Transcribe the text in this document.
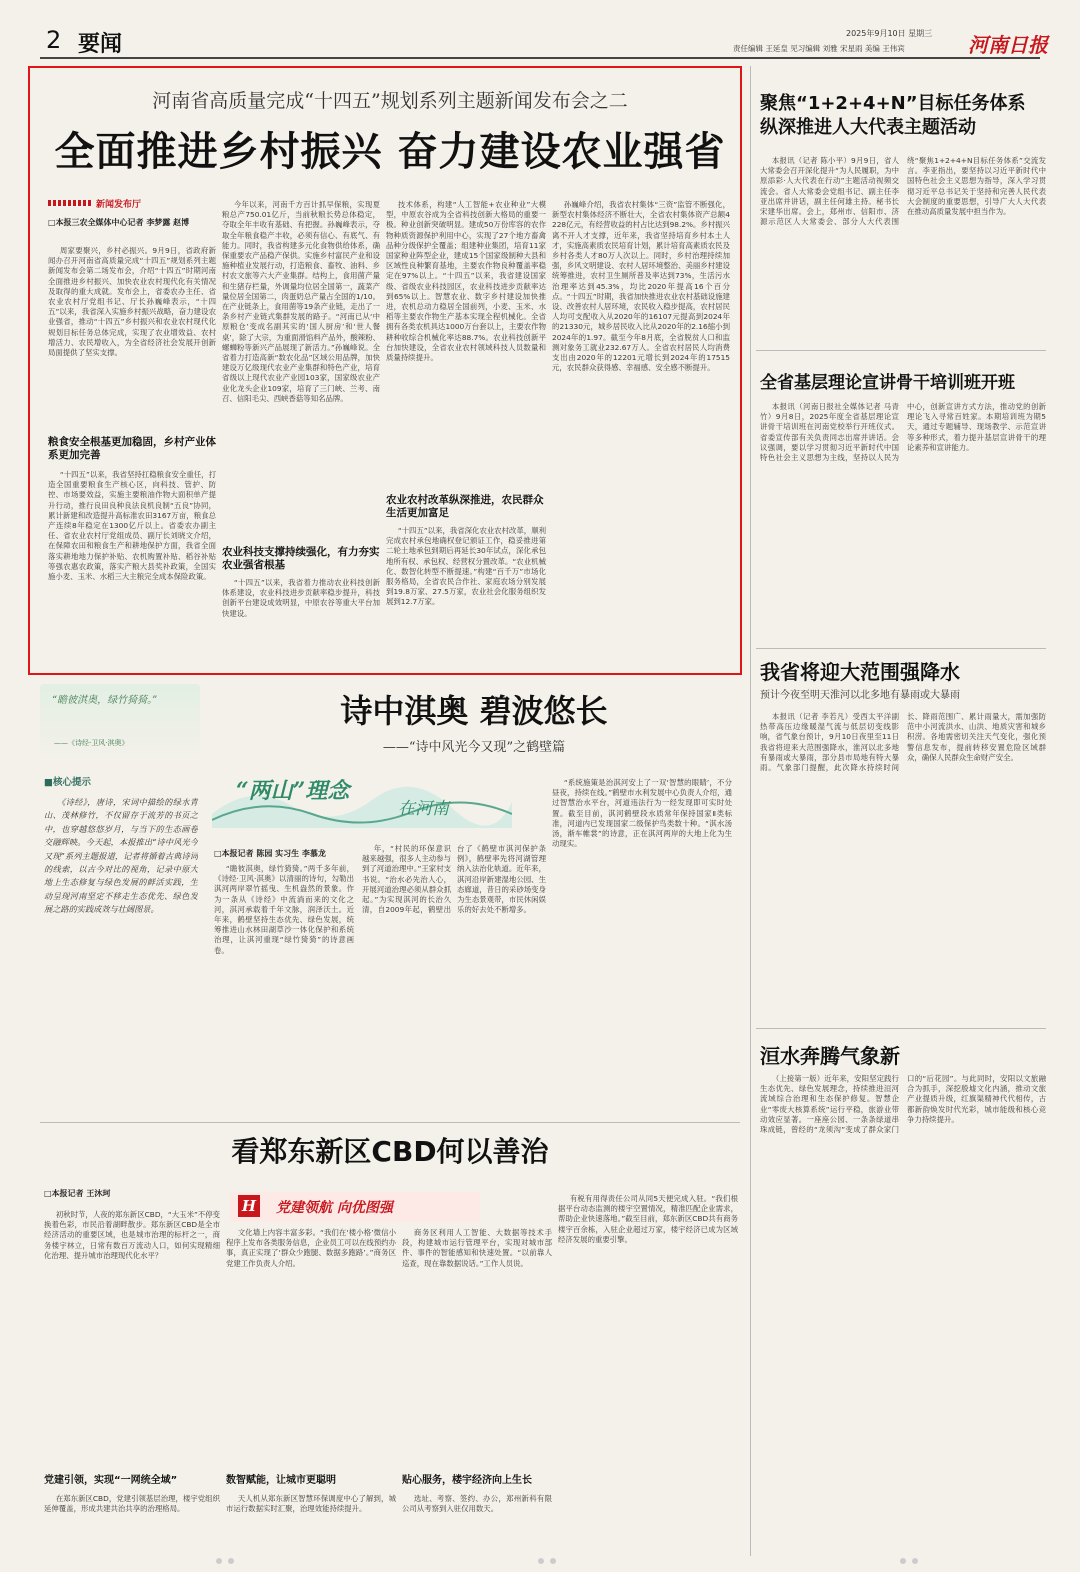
2 要闻	2025年9月10日 星期三
责任编辑 王延皇 见习编辑 刘雅 宋星雨 美编 王伟宾	河南日报
河南省高质量完成“十四五”规划系列主题新闻发布会之二
全面推进乡村振兴 奋力建设农业强省
新闻发布厅
□本报三农全媒体中心记者 李梦露 赵博

周家要聚兴，乡村必振兴。9月9日，省政府新闻办召开河南省高质量完成“十四五”规划系列主题新闻发布会第二场发布会，介绍“十四五”时期河南全面推进乡村振兴、加快农业农村现代化有关情况及取得的重大成就。发布会上，省委农办主任、省农业农村厅党组书记、厅长孙巍峰表示，“十四五”以来，我省深入实施乡村振兴战略，奋力建设农业强省，推动“十四五”乡村振兴和农业农村现代化规划目标任务总体完成，实现了农业增效益、农村增活力、农民增收入，为全省经济社会发展开创新局面提供了坚实支撑。

粮食安全根基更加稳固，乡村产业体系更加完善

“十四五”以来，我省坚持扛稳粮食安全重任，打造全国重要粮食生产核心区，向科技、管护、防控、市场要效益，实施主要粮油作物大面积单产提升行动，推行良田良种良法良机良制“五良”协同，累计新建和改造提升高标准农田3167万亩，粮食总产连续8年稳定在1300亿斤以上。省委农办副主任、省农业农村厅党组成员、副厅长刘晓文介绍，在保障农田和粮食生产和耕地保护方面，我省全面落实耕地地力保护补贴、农机购置补贴、稻谷补贴等强农惠农政策，落实产粮大县奖补政策，全国实施小麦、玉米、水稻三大主粮完全成本保险政策。

今年以来，河南千方百计抓早保粮，实现夏粮总产750.01亿斤，当前秋粮长势总体稳定，夺取全年丰收有基础、有把握。孙巍峰表示，夺取全年粮食稳产丰收，必须有信心、有底气、有能力。同时，我省构建多元化食物供给体系，确保重要农产品稳产保供。实施乡村富民产业和设施种植业发展行动，打造粮食、畜牧、油料、乡村农文旅等六大产业集群。结构上，食用菌产量和生猪存栏量，外调量均位居全国第一，蔬菜产量位居全国第二，肉蛋奶总产量占全国的1/10。在产业链条上，食用菌等19条产业链，走出了一条乡村产业链式集群发展的路子。“河南已从‘中原粮仓’变成名副其实的‘国人厨房’和‘世人餐桌’，除了大宗，为重面滑馅料产品外，酸辣粉、螺蛳粉等新兴产品展现了新活力。”孙巍峰说。全省着力打造高新“数农化品”区域公用品牌，加快建设万亿级现代农业产业集群和特色产业，培育省级以上现代农业产业园103家，国家级农业产业化龙头企业109家，培育了三门峡、兰考、南召、信阳毛尖、西峡香菇等知名品牌。

农业科技支撑持续强化，有力夯实农业强省根基

“十四五”以来，我省着力推动农业科技创新体系建设，农业科技进步贡献率稳步提升，科技创新平台建设成效明显，中原农谷等重大平台加快建设。

技术体系，构建“人工智能+农业种业”大模型，中原农谷成为全省科技创新大格局的重要一极。种业创新突破明显。建成50万份库容的农作物种质资源保护利用中心，实现了27个地方畜禽品种分级保护全覆盖；组建种业集团，培育11家国家种业阵型企业，建成15个国家级制种大县和区域性良种繁育基地，主要农作物良种覆盖率稳定在97%以上。“十四五”以来，我省建设国家级、省级农业科技园区，农业科技进步贡献率达到65%以上。智慧农业、数字乡村建设加快推进，农机总动力稳居全国前列，小麦、玉米、水稻等主要农作物生产基本实现全程机械化。全省拥有各类农机具达1000万台套以上，主要农作物耕种收综合机械化率达88.7%。农业科技创新平台加快建设，全省农业农村领域科技人员数量和质量持续提升。

农业农村改革纵深推进，农民群众生活更加富足

“十四五”以来，我省深化农业农村改革，顺利完成农村承包地确权登记颁证工作，稳妥推进第二轮土地承包到期后再延长30年试点，深化承包地所有权、承包权、经营权分置改革。“农业机械化、数智化转型不断提速。”构建“百千万”市场化服务格局，全省农民合作社、家庭农场分别发展到19.8万家、27.5万家，农业社会化服务组织发展到12.7万家。

孙巍峰介绍，我省农村集体“三资”监管不断强化，新型农村集体经济不断壮大，全省农村集体资产总额4228亿元，有经营收益的村占比达到98.2%。乡村振兴离不开人才支撑，近年来，我省坚持培育乡村本土人才，实施高素质农民培育计划，累计培育高素质农民及乡村各类人才80万人次以上。同时，乡村治理持续加强，乡风文明建设、农村人居环境整治、美丽乡村建设统筹推进，农村卫生厕所普及率达到73%，生活污水治理率达到45.3%，均比2020年提高16个百分点。“十四五”时期，我省加快推进农业农村基础设施建设、改善农村人居环境，农民收入稳步提高，农村居民人均可支配收入从2020年的16107元提高到2024年的21330元，城乡居民收入比从2020年的2.16缩小到2024年的1.97。截至今年8月底，全省脱贫人口和监测对象务工就业232.67万人。全省农村居民人均消费支出由2020年的12201元增长到2024年的17515元，农民群众获得感、幸福感、安全感不断提升。

聚焦“1+2+4+N”目标任务体系 纵深推进人大代表主题活动

本报讯（记者 陈小平）9月9日，省人大常委会召开深化提升“为人民履职，为中原添彩·人大代表在行动”主题活动视频交流会。省人大常委会党组书记、副主任李亚出席并讲话，副主任何雄主持。秘书长宋建华出席。会上，郑州市、信阳市、济源示范区人大常委会、部分人大代表围绕“聚焦1+2+4+N目标任务体系”交流发言。李亚指出，要坚持以习近平新时代中国特色社会主义思想为指导，深入学习贯彻习近平总书记关于坚持和完善人民代表大会制度的重要思想，引导广大人大代表在推动高质量发展中担当作为。

全省基层理论宣讲骨干培训班开班

本报讯（河南日报社全媒体记者 马青竹）9月8日，2025年度全省基层理论宣讲骨干培训班在河南党校举行开班仪式。省委宣传部有关负责同志出席并讲话。会议强调，要以学习贯彻习近平新时代中国特色社会主义思想为主线，坚持以人民为中心，创新宣讲方式方法，推动党的创新理论飞入寻常百姓家。本期培训班为期5天，通过专题辅导、现场教学、示范宣讲等多种形式，着力提升基层宣讲骨干的理论素养和宣讲能力。

我省将迎大范围强降水
预计今夜至明天淮河以北多地有暴雨或大暴雨

本报讯（记者 李若凡）受西太平洋副热带高压边缘暖湿气流与低层切变线影响，省气象台预计，9月10日夜里至11日我省将迎来大范围强降水，淮河以北多地有暴雨或大暴雨，部分县市局地有特大暴雨。气象部门提醒，此次降水持续时间长、降雨范围广、累计雨量大，需加强防范中小河流洪水、山洪、地质灾害和城乡积涝。各地需密切关注天气变化，强化预警信息发布，提前转移安置危险区域群众，确保人民群众生命财产安全。

洹水奔腾气象新

（上接第一版）近年来，安阳坚定践行生态优先、绿色发展理念，持续推进洹河流域综合治理和生态保护修复。智慧企业“零废大核算系统”运行平稳，旅游业带动效应显著。一座座公园、一条条绿道串珠成链，曾经的“龙须沟”变成了群众家门口的“后花园”。与此同时，安阳以文旅融合为抓手，深挖殷墟文化内涵，推动文旅产业提质升级，红旗渠精神代代相传，古都新韵焕发时代光彩，城市能级和核心竞争力持续提升。

“瞻彼淇奥，绿竹猗猗。”
——《诗经·卫风·淇奥》
■核心提示
《诗经》，唐诗，宋词中描绘的绿水青山、茂林修竹，不仅留存于流芳的书页之中，也穿越悠悠岁月，与当下的生态画卷交融辉映。今天起，本报推出“诗中风光今又现”系列主题报道，记者将循着古典诗词的线索，以古今对比的视角，记录中原大地上生态修复与绿色发展的鲜活实践，生动呈现河南坚定不移走生态优先、绿色发展之路的实践成效与壮阔图景。
诗中淇奥 碧波悠长
——“诗中风光今又现”之鹤壁篇
“两山”理念
在河南
□本报记者 陈园 实习生 李慕龙

“瞻彼淇奥，绿竹猗猗。”两千多年前，《诗经·卫风·淇奥》以清丽的诗句，勾勒出淇河两岸翠竹摇曳、生机盎然的景象。作为一条从《诗经》中流淌而来的文化之河，淇河承载着千年文脉，润泽沃土。近年来，鹤壁坚持生态优先、绿色发展，统筹推进山水林田湖草沙一体化保护和系统治理，让淇河重现“绿竹猗猗”的诗意画卷。

年，“村民的环保意识越来越强，很多人主动参与到了河道治理中。”王家村支书说。“治水必先治人心，开展河道治理必须从群众抓起。”为实现淇河的长治久清，自2009年起，鹤壁出台了《鹤壁市淇河保护条例》，鹤壁率先将河湖管理纳入法治化轨道。近年来，淇河沿岸新建湿地公园、生态廊道，昔日的采砂场变身为生态景观带，市民休闲娱乐的好去处不断增多。

“系统施策是治淇河安上了一双‘智慧的眼睛’，不分昼夜，持续在线。”鹤壁市水利发展中心负责人介绍，通过智慧治水平台，河道违法行为一经发现即可实时处置。截至目前，淇河鹤壁段水质常年保持国家Ⅱ类标准，河道内已发现国家二级保护鸟类数十种。“淇水汤汤，渐车帷裳”的诗意，正在淇河两岸的大地上化为生动现实。

看郑东新区CBD何以善治
□本报记者 王沐珂
H 党建领航 向优图强

初秋时节，人夜的郑东新区CBD，“大玉米”不停变换着色彩，市民沿着湖畔散步。郑东新区CBD是全市经济活动的重要区域，也是城市治理的标杆之一，商务楼宇林立，日常有数百万流动人口，如何实现精细化治理、提升城市治理现代化水平？

党建引领，实现“一网统全域”

在郑东新区CBD，党建引领基层治理，楼宇党组织延伸覆盖，形成共建共治共享的治理格局。

文化墙上内容丰富多彩。“我们在‘楼小格’微信小程序上发布各类服务信息，企业员工可以在线预约办事，真正实现了‘群众少跑腿、数据多跑路’。”商务区党建工作负责人介绍。

数智赋能，让城市更聪明

天人机从郑东新区智慧环保调度中心了解到，城市运行数据实时汇聚，治理效能持续提升。

商务区利用人工智能、大数据等技术手段，构建城市运行管理平台，实现对城市部件、事件的智能感知和快速处置。“以前靠人巡查，现在靠数据说话。”工作人员说。

贴心服务，楼宇经济向上生长

选址、考察、签约、办公，郑州新科有限公司从考察到入驻仅用数天。

有税有用得责任公司从同5天便完成入驻。“我们根据平台动态监测的楼宇空置情况，精准匹配企业需求，帮助企业快速落地。”截至目前，郑东新区CBD共有商务楼宇百余栋，入驻企业超过万家，楼宇经济已成为区域经济发展的重要引擎。
